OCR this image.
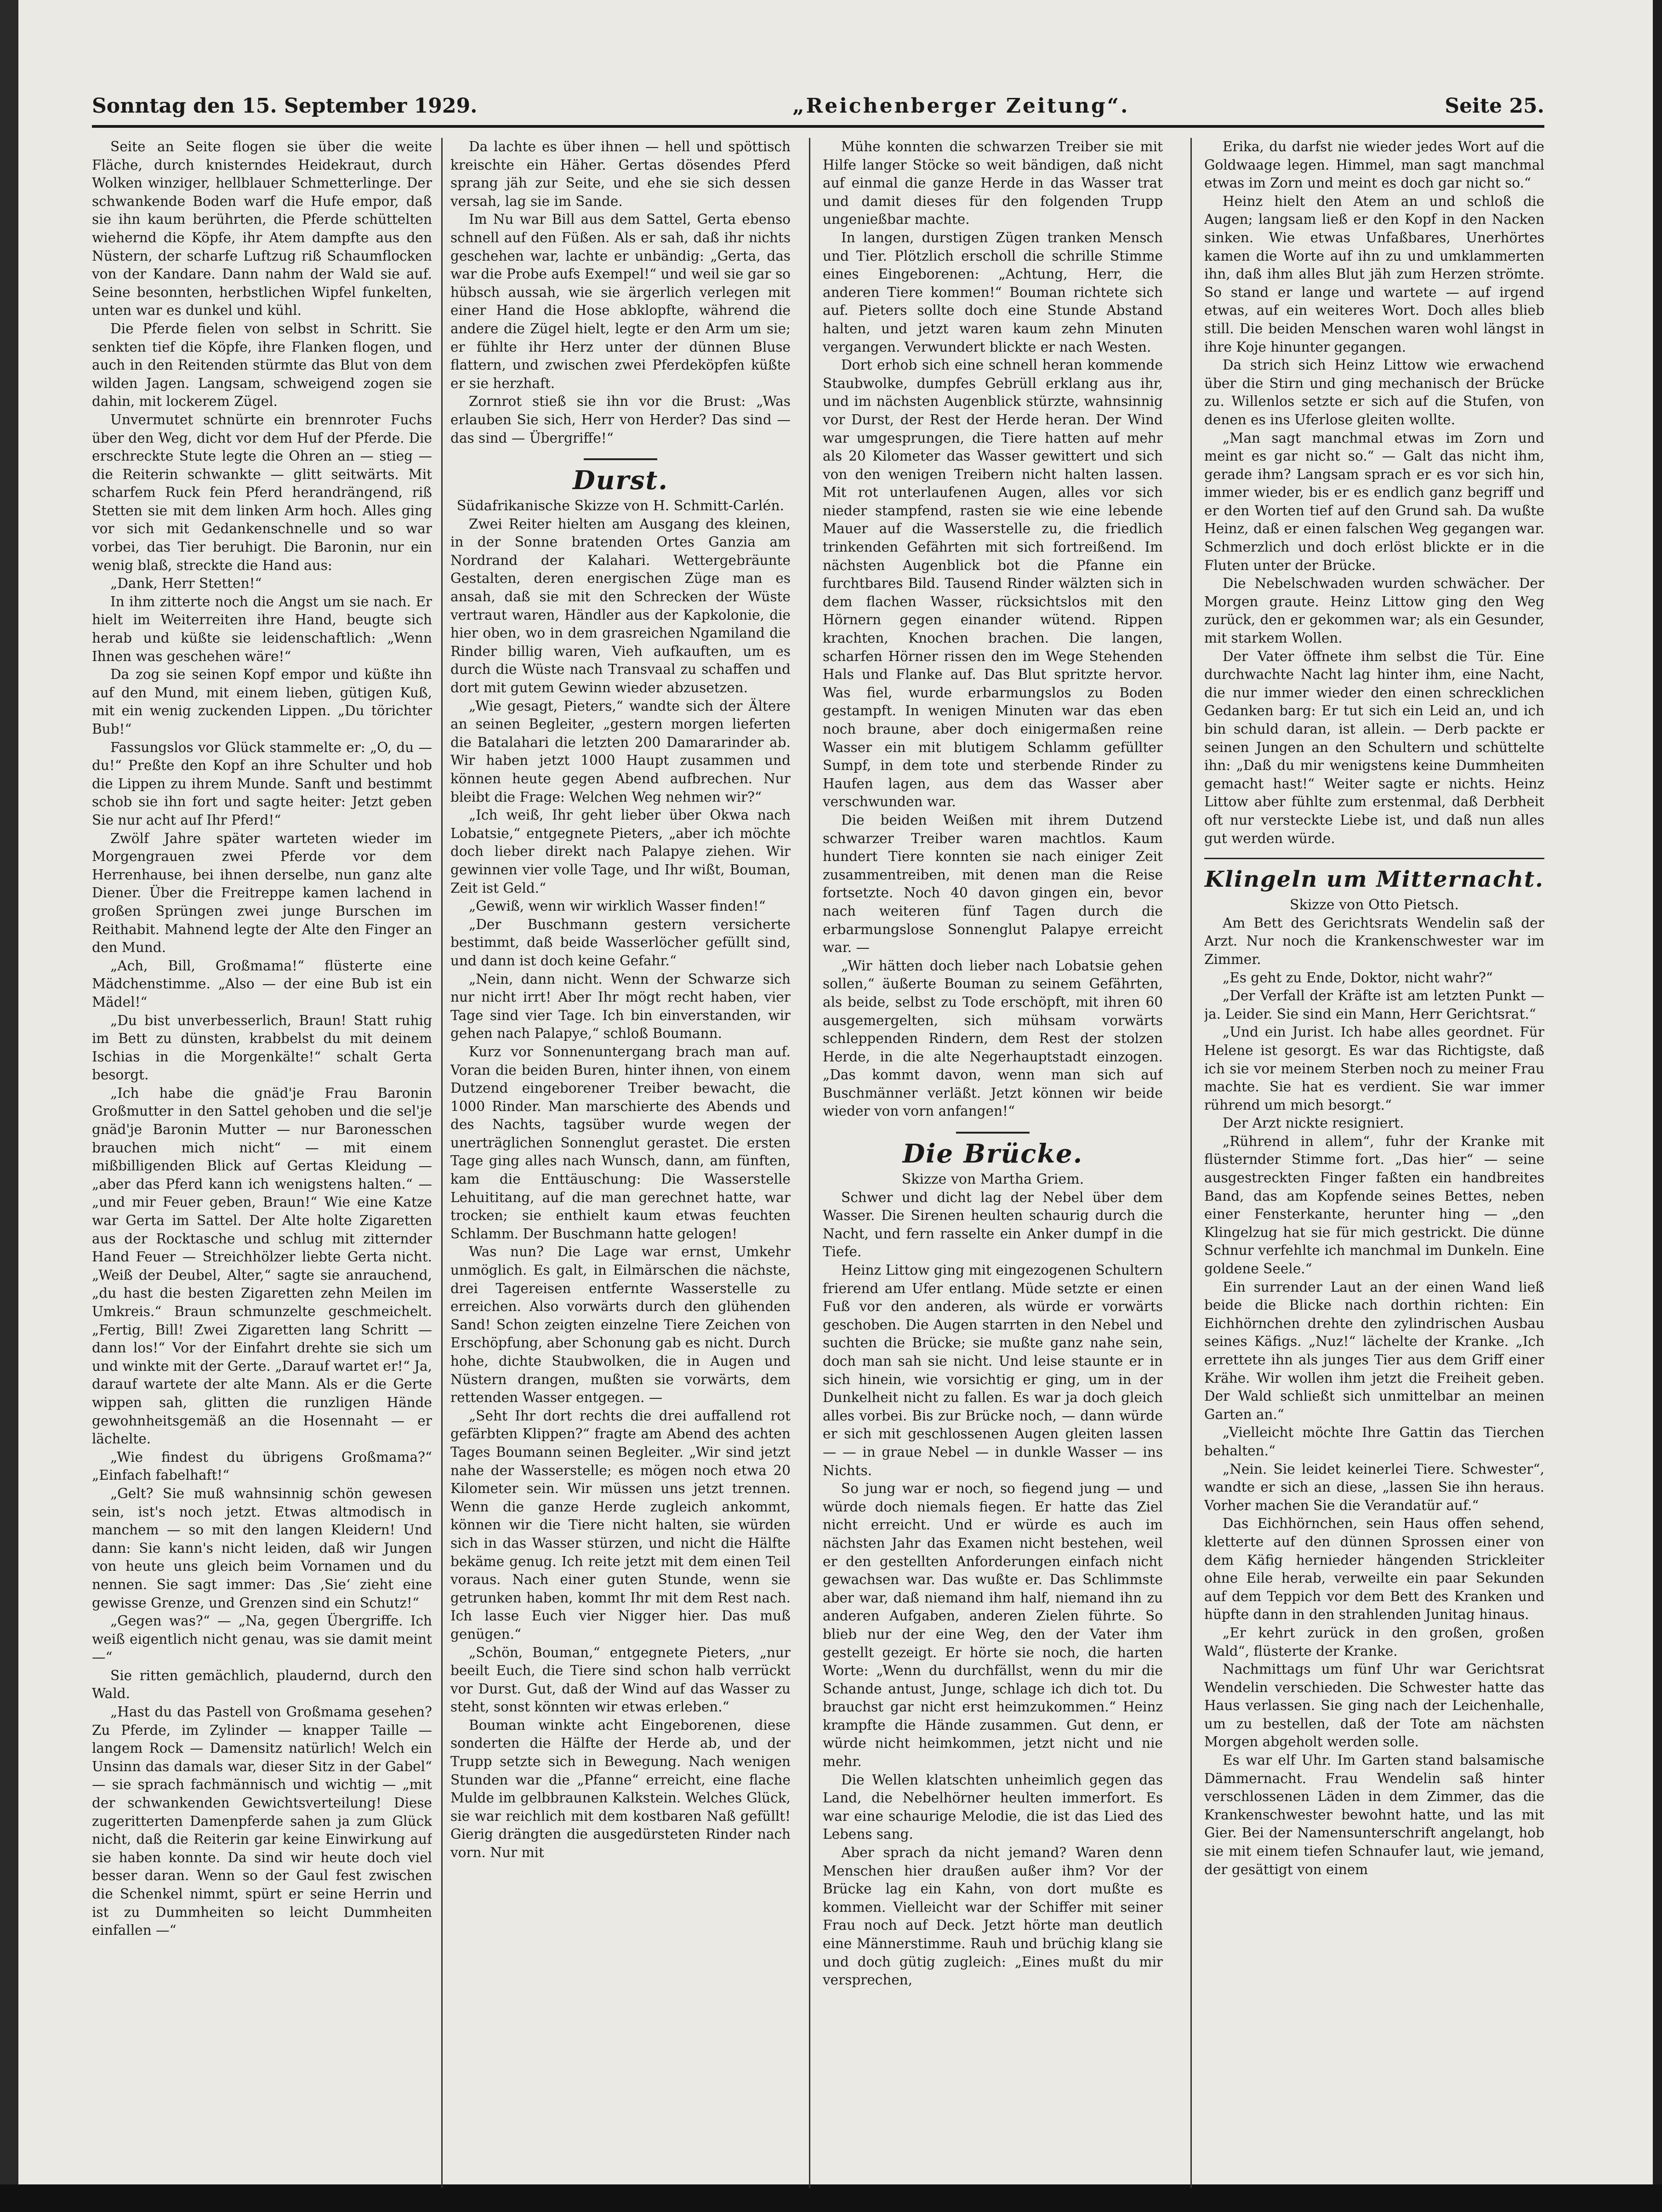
Sonntag den 15. September 1929.	„Reichenberger Zeitung“.	Seite 25.

Seite an Seite flogen sie über die weite Fläche, durch knisterndes Heidekraut, durch Wolken winziger, hellblauer Schmetterlinge. Der schwankende Boden warf die Hufe empor, daß sie ihn kaum berührten, die Pferde schüttelten wiehernd die Köpfe, ihr Atem dampfte aus den Nüstern, der scharfe Luftzug riß Schaumflocken von der Kandare. Dann nahm der Wald sie auf. Seine besonnten, herbstlichen Wipfel funkelten, unten war es dunkel und kühl.

Die Pferde fielen von selbst in Schritt. Sie senkten tief die Köpfe, ihre Flanken flogen, und auch in den Reitenden stürmte das Blut von dem wilden Jagen. Langsam, schweigend zogen sie dahin, mit lockerem Zügel.

Unvermutet schnürte ein brennroter Fuchs über den Weg, dicht vor dem Huf der Pferde. Die erschreckte Stute legte die Ohren an — stieg — die Reiterin schwankte — glitt seitwärts. Mit scharfem Ruck fein Pferd herandrängend, riß Stetten sie mit dem linken Arm hoch. Alles ging vor sich mit Gedankenschnelle und so war vorbei, das Tier beruhigt. Die Baronin, nur ein wenig blaß, streckte die Hand aus:

„Dank, Herr Stetten!“

In ihm zitterte noch die Angst um sie nach. Er hielt im Weiterreiten ihre Hand, beugte sich herab und küßte sie leidenschaftlich: „Wenn Ihnen was geschehen wäre!“

Da zog sie seinen Kopf empor und küßte ihn auf den Mund, mit einem lieben, gütigen Kuß, mit ein wenig zuckenden Lippen. „Du törichter Bub!“

Fassungslos vor Glück stammelte er: „O, du — du!“ Preßte den Kopf an ihre Schulter und hob die Lippen zu ihrem Munde. Sanft und bestimmt schob sie ihn fort und sagte heiter: Jetzt geben Sie nur acht auf Ihr Pferd!“

Zwölf Jahre später warteten wieder im Morgengrauen zwei Pferde vor dem Herrenhause, bei ihnen derselbe, nun ganz alte Diener. Über die Freitreppe kamen lachend in großen Sprüngen zwei junge Burschen im Reithabit. Mahnend legte der Alte den Finger an den Mund.

„Ach, Bill, Großmama!“ flüsterte eine Mädchenstimme. „Also — der eine Bub ist ein Mädel!“

„Du bist unverbesserlich, Braun! Statt ruhig im Bett zu dünsten, krabbelst du mit deinem Ischias in die Morgenkälte!“ schalt Gerta besorgt.

„Ich habe die gnäd'je Frau Baronin Großmutter in den Sattel gehoben und die sel'je gnäd'je Baronin Mutter — nur Baronesschen brauchen mich nicht“ — mit einem mißbilligenden Blick auf Gertas Kleidung — „aber das Pferd kann ich wenigstens halten.“ — „und mir Feuer geben, Braun!“ Wie eine Katze war Gerta im Sattel. Der Alte holte Zigaretten aus der Rocktasche und schlug mit zitternder Hand Feuer — Streichhölzer liebte Gerta nicht. „Weiß der Deubel, Alter,“ sagte sie anrauchend, „du hast die besten Zigaretten zehn Meilen im Umkreis.“ Braun schmunzelte geschmeichelt. „Fertig, Bill! Zwei Zigaretten lang Schritt — dann los!“ Vor der Einfahrt drehte sie sich um und winkte mit der Gerte. „Darauf wartet er!“ Ja, darauf wartete der alte Mann. Als er die Gerte wippen sah, glitten die runzligen Hände gewohnheitsgemäß an die Hosennaht — er lächelte.

„Wie findest du übrigens Großmama?“ „Einfach fabelhaft!“

„Gelt? Sie muß wahnsinnig schön gewesen sein, ist's noch jetzt. Etwas altmodisch in manchem — so mit den langen Kleidern! Und dann: Sie kann's nicht leiden, daß wir Jungen von heute uns gleich beim Vornamen und du nennen. Sie sagt immer: Das ‚Sie‘ zieht eine gewisse Grenze, und Grenzen sind ein Schutz!“

„Gegen was?“ — „Na, gegen Übergriffe. Ich weiß eigentlich nicht genau, was sie damit meint —“

Sie ritten gemächlich, plaudernd, durch den Wald.

„Hast du das Pastell von Großmama gesehen? Zu Pferde, im Zylinder — knapper Taille — langem Rock — Damensitz natürlich! Welch ein Unsinn das damals war, dieser Sitz in der Gabel“ — sie sprach fachmännisch und wichtig — „mit der schwankenden Gewichtsverteilung! Diese zugeritterten Damenpferde sahen ja zum Glück nicht, daß die Reiterin gar keine Einwirkung auf sie haben konnte. Da sind wir heute doch viel besser daran. Wenn so der Gaul fest zwischen die Schenkel nimmt, spürt er seine Herrin und ist zu Dummheiten so leicht Dummheiten einfallen —“

Da lachte es über ihnen — hell und spöttisch kreischte ein Häher. Gertas dösendes Pferd sprang jäh zur Seite, und ehe sie sich dessen versah, lag sie im Sande.

Im Nu war Bill aus dem Sattel, Gerta ebenso schnell auf den Füßen. Als er sah, daß ihr nichts geschehen war, lachte er unbändig: „Gerta, das war die Probe aufs Exempel!“ und weil sie gar so hübsch aussah, wie sie ärgerlich verlegen mit einer Hand die Hose abklopfte, während die andere die Zügel hielt, legte er den Arm um sie; er fühlte ihr Herz unter der dünnen Bluse flattern, und zwischen zwei Pferdeköpfen küßte er sie herzhaft.

Zornrot stieß sie ihn vor die Brust: „Was erlauben Sie sich, Herr von Herder? Das sind — das sind — Übergriffe!“

Durst.

Südafrikanische Skizze von H. Schmitt-Carlén.

Zwei Reiter hielten am Ausgang des kleinen, in der Sonne bratenden Ortes Ganzia am Nordrand der Kalahari. Wettergebräunte Gestalten, deren energischen Züge man es ansah, daß sie mit den Schrecken der Wüste vertraut waren, Händler aus der Kapkolonie, die hier oben, wo in dem grasreichen Ngamiland die Rinder billig waren, Vieh aufkauften, um es durch die Wüste nach Transvaal zu schaffen und dort mit gutem Gewinn wieder abzusetzen.

„Wie gesagt, Pieters,“ wandte sich der Ältere an seinen Begleiter, „gestern morgen lieferten die Batalahari die letzten 200 Damararinder ab. Wir haben jetzt 1000 Haupt zusammen und können heute gegen Abend aufbrechen. Nur bleibt die Frage: Welchen Weg nehmen wir?“

„Ich weiß, Ihr geht lieber über Okwa nach Lobatsie,“ entgegnete Pieters, „aber ich möchte doch lieber direkt nach Palapye ziehen. Wir gewinnen vier volle Tage, und Ihr wißt, Bouman, Zeit ist Geld.“

„Gewiß, wenn wir wirklich Wasser finden!“

„Der Buschmann gestern versicherte bestimmt, daß beide Wasserlöcher gefüllt sind, und dann ist doch keine Gefahr.“

„Nein, dann nicht. Wenn der Schwarze sich nur nicht irrt! Aber Ihr mögt recht haben, vier Tage sind vier Tage. Ich bin einverstanden, wir gehen nach Palapye,“ schloß Boumann.

Kurz vor Sonnenuntergang brach man auf. Voran die beiden Buren, hinter ihnen, von einem Dutzend eingeborener Treiber bewacht, die 1000 Rinder. Man marschierte des Abends und des Nachts, tagsüber wurde wegen der unerträglichen Sonnenglut gerastet. Die ersten Tage ging alles nach Wunsch, dann, am fünften, kam die Enttäuschung: Die Wasserstelle Lehuititang, auf die man gerechnet hatte, war trocken; sie enthielt kaum etwas feuchten Schlamm. Der Buschmann hatte gelogen!

Was nun? Die Lage war ernst, Umkehr unmöglich. Es galt, in Eilmärschen die nächste, drei Tagereisen entfernte Wasserstelle zu erreichen. Also vorwärts durch den glühenden Sand! Schon zeigten einzelne Tiere Zeichen von Erschöpfung, aber Schonung gab es nicht. Durch hohe, dichte Staubwolken, die in Augen und Nüstern drangen, mußten sie vorwärts, dem rettenden Wasser entgegen. —

„Seht Ihr dort rechts die drei auffallend rot gefärbten Klippen?“ fragte am Abend des achten Tages Boumann seinen Begleiter. „Wir sind jetzt nahe der Wasserstelle; es mögen noch etwa 20 Kilometer sein. Wir müssen uns jetzt trennen. Wenn die ganze Herde zugleich ankommt, können wir die Tiere nicht halten, sie würden sich in das Wasser stürzen, und nicht die Hälfte bekäme genug. Ich reite jetzt mit dem einen Teil voraus. Nach einer guten Stunde, wenn sie getrunken haben, kommt Ihr mit dem Rest nach. Ich lasse Euch vier Nigger hier. Das muß genügen.“

„Schön, Bouman,“ entgegnete Pieters, „nur beeilt Euch, die Tiere sind schon halb verrückt vor Durst. Gut, daß der Wind auf das Wasser zu steht, sonst könnten wir etwas erleben.“

Bouman winkte acht Eingeborenen, diese sonderten die Hälfte der Herde ab, und der Trupp setzte sich in Bewegung. Nach wenigen Stunden war die „Pfanne“ erreicht, eine flache Mulde im gelbbraunen Kalkstein. Welches Glück, sie war reichlich mit dem kostbaren Naß gefüllt! Gierig drängten die ausgedürsteten Rinder nach vorn. Nur mit

Mühe konnten die schwarzen Treiber sie mit Hilfe langer Stöcke so weit bändigen, daß nicht auf einmal die ganze Herde in das Wasser trat und damit dieses für den folgenden Trupp ungenießbar machte.

In langen, durstigen Zügen tranken Mensch und Tier. Plötzlich erscholl die schrille Stimme eines Eingeborenen: „Achtung, Herr, die anderen Tiere kommen!“ Bouman richtete sich auf. Pieters sollte doch eine Stunde Abstand halten, und jetzt waren kaum zehn Minuten vergangen. Verwundert blickte er nach Westen.

Dort erhob sich eine schnell heran kommende Staubwolke, dumpfes Gebrüll erklang aus ihr, und im nächsten Augenblick stürzte, wahnsinnig vor Durst, der Rest der Herde heran. Der Wind war umgesprungen, die Tiere hatten auf mehr als 20 Kilometer das Wasser gewittert und sich von den wenigen Treibern nicht halten lassen. Mit rot unterlaufenen Augen, alles vor sich nieder stampfend, rasten sie wie eine lebende Mauer auf die Wasserstelle zu, die friedlich trinkenden Gefährten mit sich fortreißend. Im nächsten Augenblick bot die Pfanne ein furchtbares Bild. Tausend Rinder wälzten sich in dem flachen Wasser, rücksichtslos mit den Hörnern gegen einander wütend. Rippen krachten, Knochen brachen. Die langen, scharfen Hörner rissen den im Wege Stehenden Hals und Flanke auf. Das Blut spritzte hervor. Was fiel, wurde erbarmungslos zu Boden gestampft. In wenigen Minuten war das eben noch braune, aber doch einigermaßen reine Wasser ein mit blutigem Schlamm gefüllter Sumpf, in dem tote und sterbende Rinder zu Haufen lagen, aus dem das Wasser aber verschwunden war.

Die beiden Weißen mit ihrem Dutzend schwarzer Treiber waren machtlos. Kaum hundert Tiere konnten sie nach einiger Zeit zusammentreiben, mit denen man die Reise fortsetzte. Noch 40 davon gingen ein, bevor nach weiteren fünf Tagen durch die erbarmungslose Sonnenglut Palapye erreicht war. —

„Wir hätten doch lieber nach Lobatsie gehen sollen,“ äußerte Bouman zu seinem Gefährten, als beide, selbst zu Tode erschöpft, mit ihren 60 ausgemergelten, sich mühsam vorwärts schleppenden Rindern, dem Rest der stolzen Herde, in die alte Negerhauptstadt einzogen. „Das kommt davon, wenn man sich auf Buschmänner verläßt. Jetzt können wir beide wieder von vorn anfangen!“

Die Brücke.

Skizze von Martha Griem.

Schwer und dicht lag der Nebel über dem Wasser. Die Sirenen heulten schaurig durch die Nacht, und fern rasselte ein Anker dumpf in die Tiefe.

Heinz Littow ging mit eingezogenen Schultern frierend am Ufer entlang. Müde setzte er einen Fuß vor den anderen, als würde er vorwärts geschoben. Die Augen starrten in den Nebel und suchten die Brücke; sie mußte ganz nahe sein, doch man sah sie nicht. Und leise staunte er in sich hinein, wie vorsichtig er ging, um in der Dunkelheit nicht zu fallen. Es war ja doch gleich alles vorbei. Bis zur Brücke noch, — dann würde er sich mit geschlossenen Augen gleiten lassen — — in graue Nebel — in dunkle Wasser — ins Nichts.

So jung war er noch, so fiegend jung — und würde doch niemals fiegen. Er hatte das Ziel nicht erreicht. Und er würde es auch im nächsten Jahr das Examen nicht bestehen, weil er den gestellten Anforderungen einfach nicht gewachsen war. Das wußte er. Das Schlimmste aber war, daß niemand ihm half, niemand ihn zu anderen Aufgaben, anderen Zielen führte. So blieb nur der eine Weg, den der Vater ihm gestellt gezeigt. Er hörte sie noch, die harten Worte: „Wenn du durchfällst, wenn du mir die Schande antust, Junge, schlage ich dich tot. Du brauchst gar nicht erst heimzukommen.“ Heinz krampfte die Hände zusammen. Gut denn, er würde nicht heimkommen, jetzt nicht und nie mehr.

Die Wellen klatschten unheimlich gegen das Land, die Nebelhörner heulten immerfort. Es war eine schaurige Melodie, die ist das Lied des Lebens sang.

Aber sprach da nicht jemand? Waren denn Menschen hier draußen außer ihm? Vor der Brücke lag ein Kahn, von dort mußte es kommen. Vielleicht war der Schiffer mit seiner Frau noch auf Deck. Jetzt hörte man deutlich eine Männerstimme. Rauh und brüchig klang sie und doch gütig zugleich: „Eines mußt du mir versprechen,

Erika, du darfst nie wieder jedes Wort auf die Goldwaage legen. Himmel, man sagt manchmal etwas im Zorn und meint es doch gar nicht so.“

Heinz hielt den Atem an und schloß die Augen; langsam ließ er den Kopf in den Nacken sinken. Wie etwas Unfaßbares, Unerhörtes kamen die Worte auf ihn zu und umklammerten ihn, daß ihm alles Blut jäh zum Herzen strömte. So stand er lange und wartete — auf irgend etwas, auf ein weiteres Wort. Doch alles blieb still. Die beiden Menschen waren wohl längst in ihre Koje hinunter gegangen.

Da strich sich Heinz Littow wie erwachend über die Stirn und ging mechanisch der Brücke zu. Willenlos setzte er sich auf die Stufen, von denen es ins Uferlose gleiten wollte.

„Man sagt manchmal etwas im Zorn und meint es gar nicht so.“ — Galt das nicht ihm, gerade ihm? Langsam sprach er es vor sich hin, immer wieder, bis er es endlich ganz begriff und er den Worten tief auf den Grund sah. Da wußte Heinz, daß er einen falschen Weg gegangen war. Schmerzlich und doch erlöst blickte er in die Fluten unter der Brücke.

Die Nebelschwaden wurden schwächer. Der Morgen graute. Heinz Littow ging den Weg zurück, den er gekommen war; als ein Gesunder, mit starkem Wollen.

Der Vater öffnete ihm selbst die Tür. Eine durchwachte Nacht lag hinter ihm, eine Nacht, die nur immer wieder den einen schrecklichen Gedanken barg: Er tut sich ein Leid an, und ich bin schuld daran, ist allein. — Derb packte er seinen Jungen an den Schultern und schüttelte ihn: „Daß du mir wenigstens keine Dummheiten gemacht hast!“ Weiter sagte er nichts. Heinz Littow aber fühlte zum erstenmal, daß Derbheit oft nur versteckte Liebe ist, und daß nun alles gut werden würde.

Klingeln um Mitternacht.

Skizze von Otto Pietsch.

Am Bett des Gerichtsrats Wendelin saß der Arzt. Nur noch die Krankenschwester war im Zimmer.

„Es geht zu Ende, Doktor, nicht wahr?“

„Der Verfall der Kräfte ist am letzten Punkt — ja. Leider. Sie sind ein Mann, Herr Gerichtsrat.“

„Und ein Jurist. Ich habe alles geordnet. Für Helene ist gesorgt. Es war das Richtigste, daß ich sie vor meinem Sterben noch zu meiner Frau machte. Sie hat es verdient. Sie war immer rührend um mich besorgt.“

Der Arzt nickte resigniert.

„Rührend in allem“, fuhr der Kranke mit flüsternder Stimme fort. „Das hier“ — seine ausgestreckten Finger faßten ein handbreites Band, das am Kopfende seines Bettes, neben einer Fensterkante, herunter hing — „den Klingelzug hat sie für mich gestrickt. Die dünne Schnur verfehlte ich manchmal im Dunkeln. Eine goldene Seele.“

Ein surrender Laut an der einen Wand ließ beide die Blicke nach dorthin richten: Ein Eichhörnchen drehte den zylindrischen Ausbau seines Käfigs. „Nuz!“ lächelte der Kranke. „Ich errettete ihn als junges Tier aus dem Griff einer Krähe. Wir wollen ihm jetzt die Freiheit geben. Der Wald schließt sich unmittelbar an meinen Garten an.“

„Vielleicht möchte Ihre Gattin das Tierchen behalten.“

„Nein. Sie leidet keinerlei Tiere. Schwester“, wandte er sich an diese, „lassen Sie ihn heraus. Vorher machen Sie die Verandatür auf.“

Das Eichhörnchen, sein Haus offen sehend, kletterte auf den dünnen Sprossen einer von dem Käfig hernieder hängenden Strickleiter ohne Eile herab, verweilte ein paar Sekunden auf dem Teppich vor dem Bett des Kranken und hüpfte dann in den strahlenden Junitag hinaus.

„Er kehrt zurück in den großen, großen Wald“, flüsterte der Kranke.

Nachmittags um fünf Uhr war Gerichtsrat Wendelin verschieden. Die Schwester hatte das Haus verlassen. Sie ging nach der Leichenhalle, um zu bestellen, daß der Tote am nächsten Morgen abgeholt werden solle.

Es war elf Uhr. Im Garten stand balsamische Dämmernacht. Frau Wendelin saß hinter verschlossenen Läden in dem Zimmer, das die Krankenschwester bewohnt hatte, und las mit Gier. Bei der Namensunterschrift angelangt, hob sie mit einem tiefen Schnaufer laut, wie jemand, der gesättigt von einem
